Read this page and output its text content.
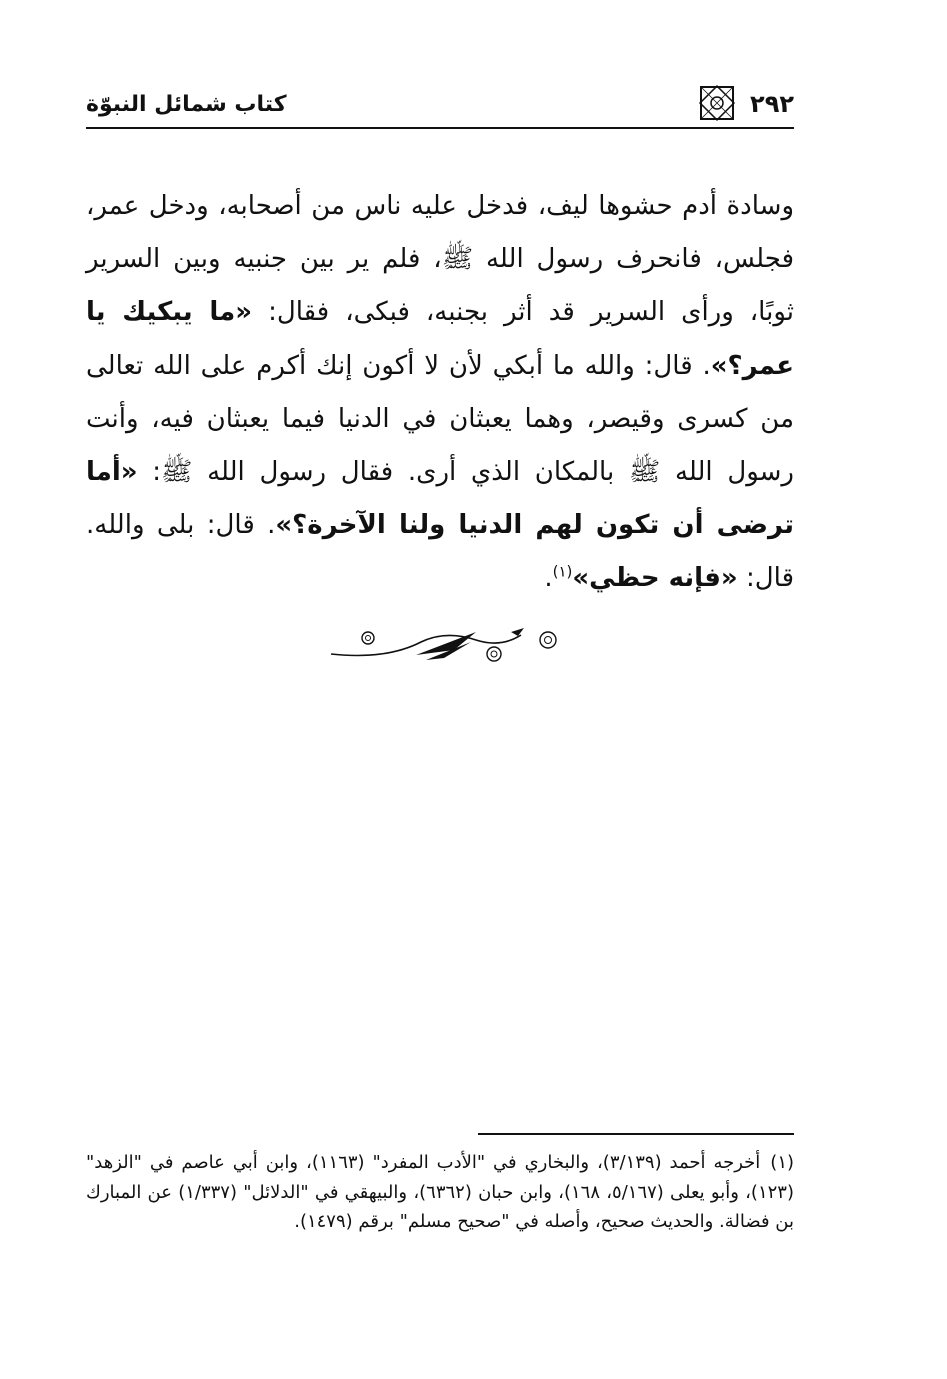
٢٩٢
كتاب شمائل النبوّة
وسادة أدم حشوها ليف، فدخل عليه ناس من أصحابه، ودخل عمر، فجلس، فانحرف رسول الله ﷺ، فلم ير بين جنبيه وبين السرير ثوبًا، ورأى السرير قد أثر بجنبه، فبكى، فقال: «ما يبكيك يا عمر؟». قال: والله ما أبكي لأن لا أكون إنك أكرم على الله تعالى من كسرى وقيصر، وهما يعبثان في الدنيا فيما يعبثان فيه، وأنت رسول الله ﷺ بالمكان الذي أرى. فقال رسول الله ﷺ: «أما ترضى أن تكون لهم الدنيا ولنا الآخرة؟». قال: بلى والله. قال: «فإنه حظي»$^{(١)}$.
(١)أخرجه أحمد (٣/١٣٩)، والبخاري في "الأدب المفرد" (١١٦٣)، وابن أبي عاصم في "الزهد" (١٢٣)، وأبو يعلى (٥/١٦٧، ١٦٨)، وابن حبان (٦٣٦٢)، والبيهقي في "الدلائل" (١/٣٣٧) عن المبارك بن فضالة. والحديث صحيح، وأصله في "صحيح مسلم" برقم (١٤٧٩).
